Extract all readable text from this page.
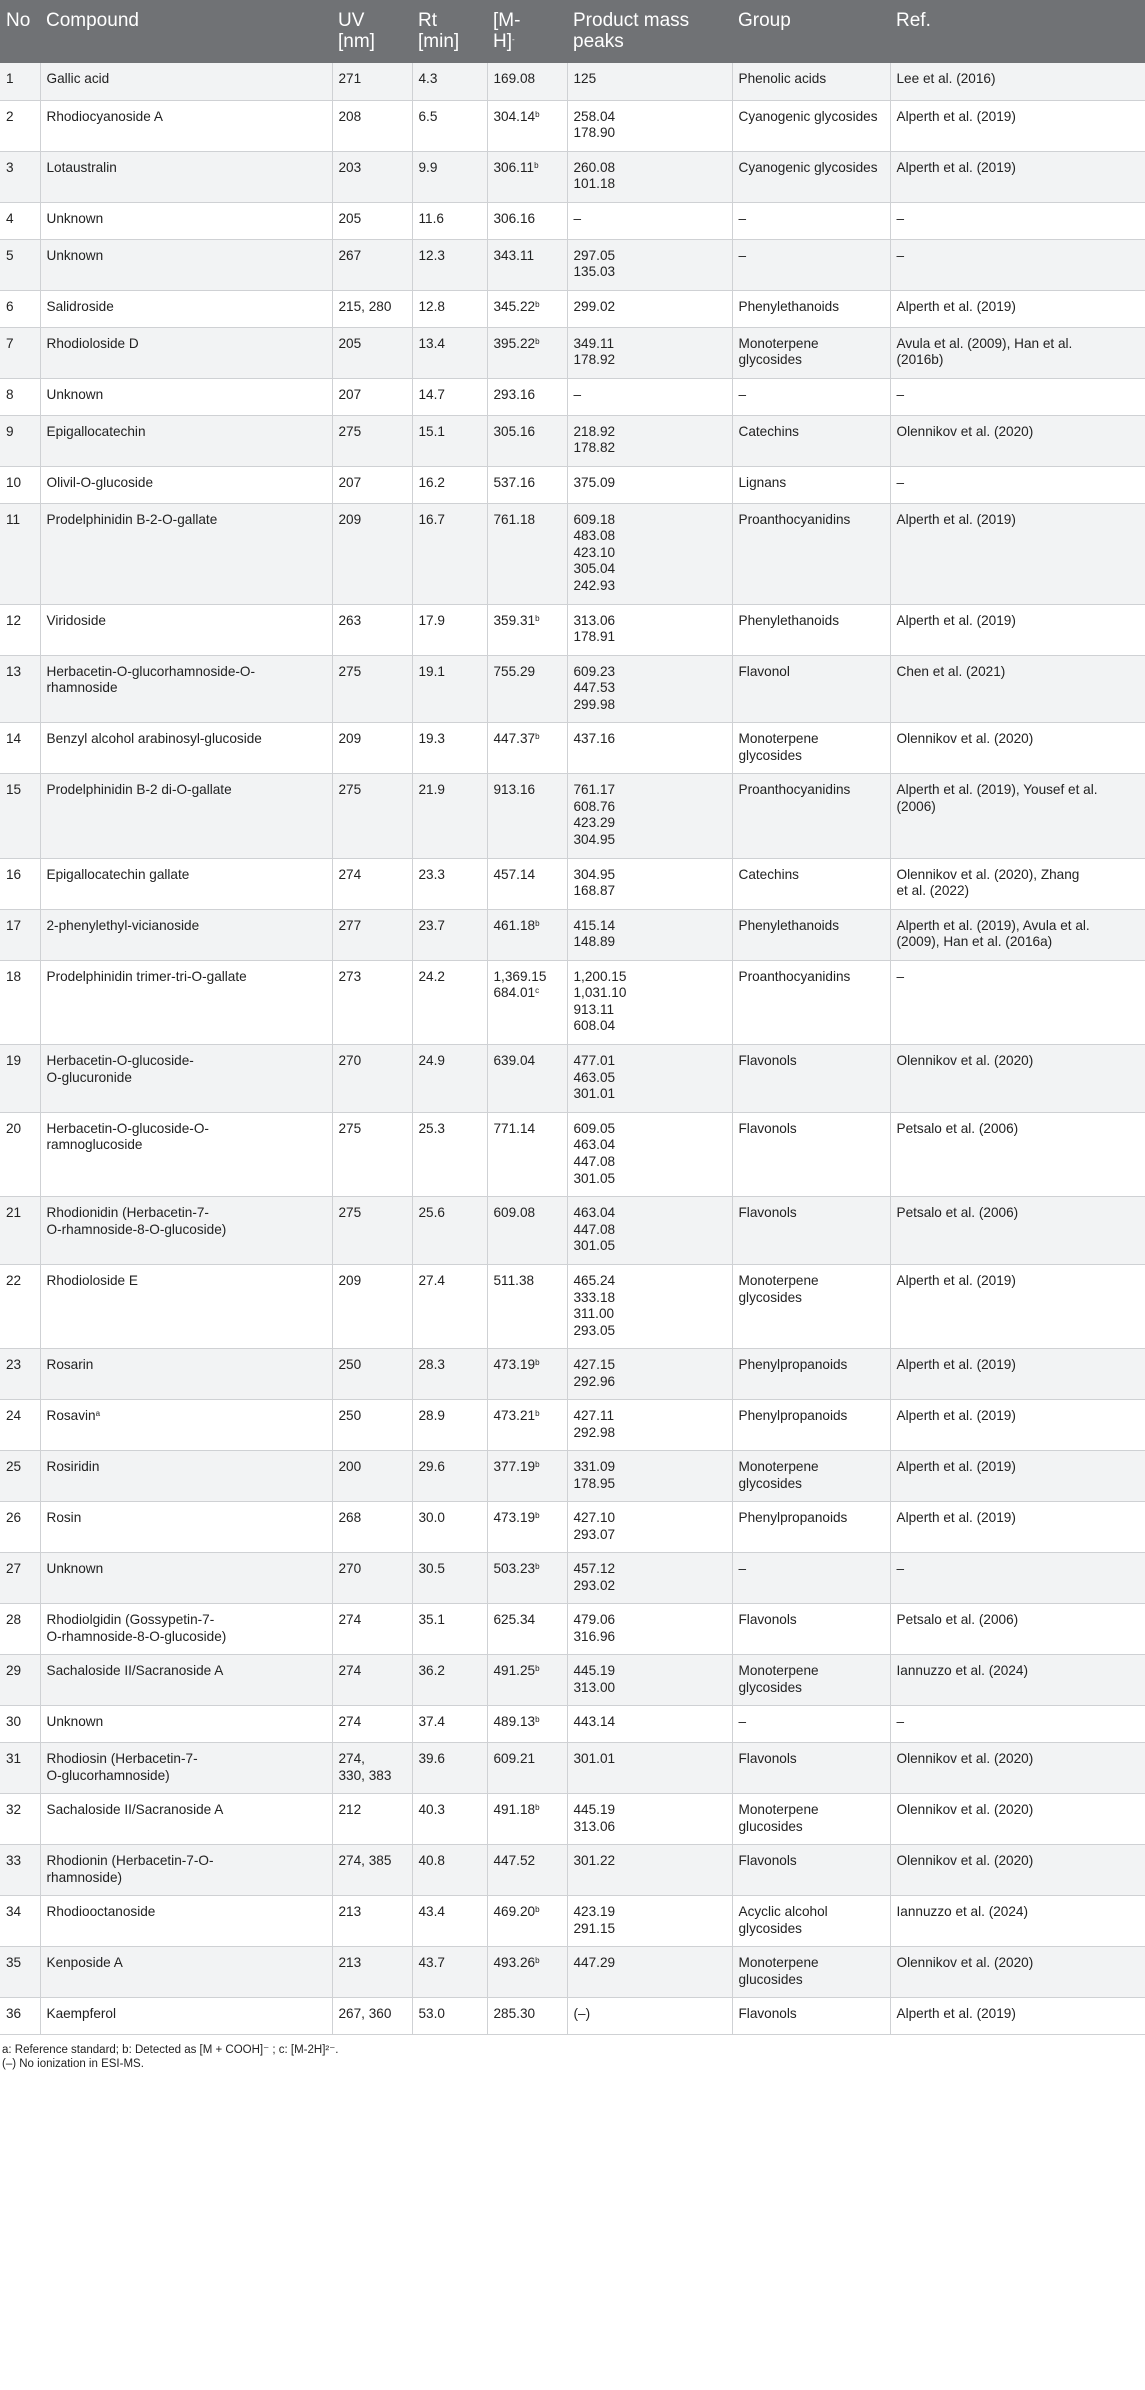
No	Compound	UV
[nm]	Rt
[min]	[M-
H]-	Product mass
peaks	Group	Ref.
1	Gallic acid	271	4.3	169.08	125	Phenolic acids	Lee et al. (2016)

2	Rhodiocyanoside A	208	6.5	304.14$^b$	258.04
178.90	Cyanogenic glycosides	Alperth et al. (2019)

3	Lotaustralin	203	9.9	306.11$^b$	260.08
101.18	Cyanogenic glycosides	Alperth et al. (2019)

4	Unknown	205	11.6	306.16	–	–	–

5	Unknown	267	12.3	343.11	297.05
135.03	–	–

6	Salidroside	215, 280	12.8	345.22$^b$	299.02	Phenylethanoids	Alperth et al. (2019)

7	Rhodioloside D	205	13.4	395.22$^b$	349.11
178.92	Monoterpene
glycosides	Avula et al. (2009), Han et al.
(2016b)

8	Unknown	207	14.7	293.16	–	–	–

9	Epigallocatechin	275	15.1	305.16	218.92
178.82	Catechins	Olennikov et al. (2020)

10	Olivil-O-glucoside	207	16.2	537.16	375.09	Lignans	–

11	Prodelphinidin B-2-O-gallate	209	16.7	761.18	609.18
483.08
423.10
305.04
242.93	Proanthocyanidins	Alperth et al. (2019)

12	Viridoside	263	17.9	359.31$^b$	313.06
178.91	Phenylethanoids	Alperth et al. (2019)

13	Herbacetin-O-glucorhamnoside-O-
rhamnoside	275	19.1	755.29	609.23
447.53
299.98	Flavonol	Chen et al. (2021)

14	Benzyl alcohol arabinosyl-glucoside	209	19.3	447.37$^b$	437.16	Monoterpene
glycosides	Olennikov et al. (2020)

15	Prodelphinidin B-2 di-O-gallate	275	21.9	913.16	761.17
608.76
423.29
304.95	Proanthocyanidins	Alperth et al. (2019), Yousef et al.
(2006)

16	Epigallocatechin gallate	274	23.3	457.14	304.95
168.87	Catechins	Olennikov et al. (2020), Zhang
et al. (2022)

17	2-phenylethyl-vicianoside	277	23.7	461.18$^b$	415.14
148.89	Phenylethanoids	Alperth et al. (2019), Avula et al.
(2009), Han et al. (2016a)

18	Prodelphinidin trimer-tri-O-gallate	273	24.2	1,369.15
684.01$^c$	1,200.15
1,031.10
913.11
608.04	Proanthocyanidins	–

19	Herbacetin-O-glucoside-
O-glucuronide	270	24.9	639.04	477.01
463.05
301.01	Flavonols	Olennikov et al. (2020)

20	Herbacetin-O-glucoside-O-
ramnoglucoside	275	25.3	771.14	609.05
463.04
447.08
301.05	Flavonols	Petsalo et al. (2006)

21	Rhodionidin (Herbacetin-7-
O-rhamnoside-8-O-glucoside)	275	25.6	609.08	463.04
447.08
301.05	Flavonols	Petsalo et al. (2006)

22	Rhodioloside E	209	27.4	511.38	465.24
333.18
311.00
293.05	Monoterpene
glycosides	Alperth et al. (2019)

23	Rosarin	250	28.3	473.19$^b$	427.15
292.96	Phenylpropanoids	Alperth et al. (2019)

24	Rosavin$^a$	250	28.9	473.21$^b$	427.11
292.98	Phenylpropanoids	Alperth et al. (2019)

25	Rosiridin	200	29.6	377.19$^b$	331.09
178.95	Monoterpene
glycosides	Alperth et al. (2019)

26	Rosin	268	30.0	473.19$^b$	427.10
293.07	Phenylpropanoids	Alperth et al. (2019)

27	Unknown	270	30.5	503.23$^b$	457.12
293.02	–	–

28	Rhodiolgidin (Gossypetin-7-
O-rhamnoside-8-O-glucoside)	274	35.1	625.34	479.06
316.96	Flavonols	Petsalo et al. (2006)

29	Sachaloside II/Sacranoside A	274	36.2	491.25$^b$	445.19
313.00	Monoterpene
glycosides	Iannuzzo et al. (2024)

30	Unknown	274	37.4	489.13$^b$	443.14	–	–

31	Rhodiosin (Herbacetin-7-
O-glucorhamnoside)	274,
330, 383	39.6	609.21	301.01	Flavonols	Olennikov et al. (2020)

32	Sachaloside II/Sacranoside A	212	40.3	491.18$^b$	445.19
313.06	Monoterpene
glucosides	Olennikov et al. (2020)

33	Rhodionin (Herbacetin-7-O-
rhamnoside)	274, 385	40.8	447.52	301.22	Flavonols	Olennikov et al. (2020)

34	Rhodiooctanoside	213	43.4	469.20$^b$	423.19
291.15	Acyclic alcohol
glycosides	Iannuzzo et al. (2024)

35	Kenposide A	213	43.7	493.26$^b$	447.29	Monoterpene
glucosides	Olennikov et al. (2020)

36	Kaempferol	267, 360	53.0	285.30	(–)	Flavonols	Alperth et al. (2019)
a: Reference standard; b: Detected as [M + COOH]⁻ ; c: [M-2H]²⁻.
(–) No ionization in ESI-MS.
